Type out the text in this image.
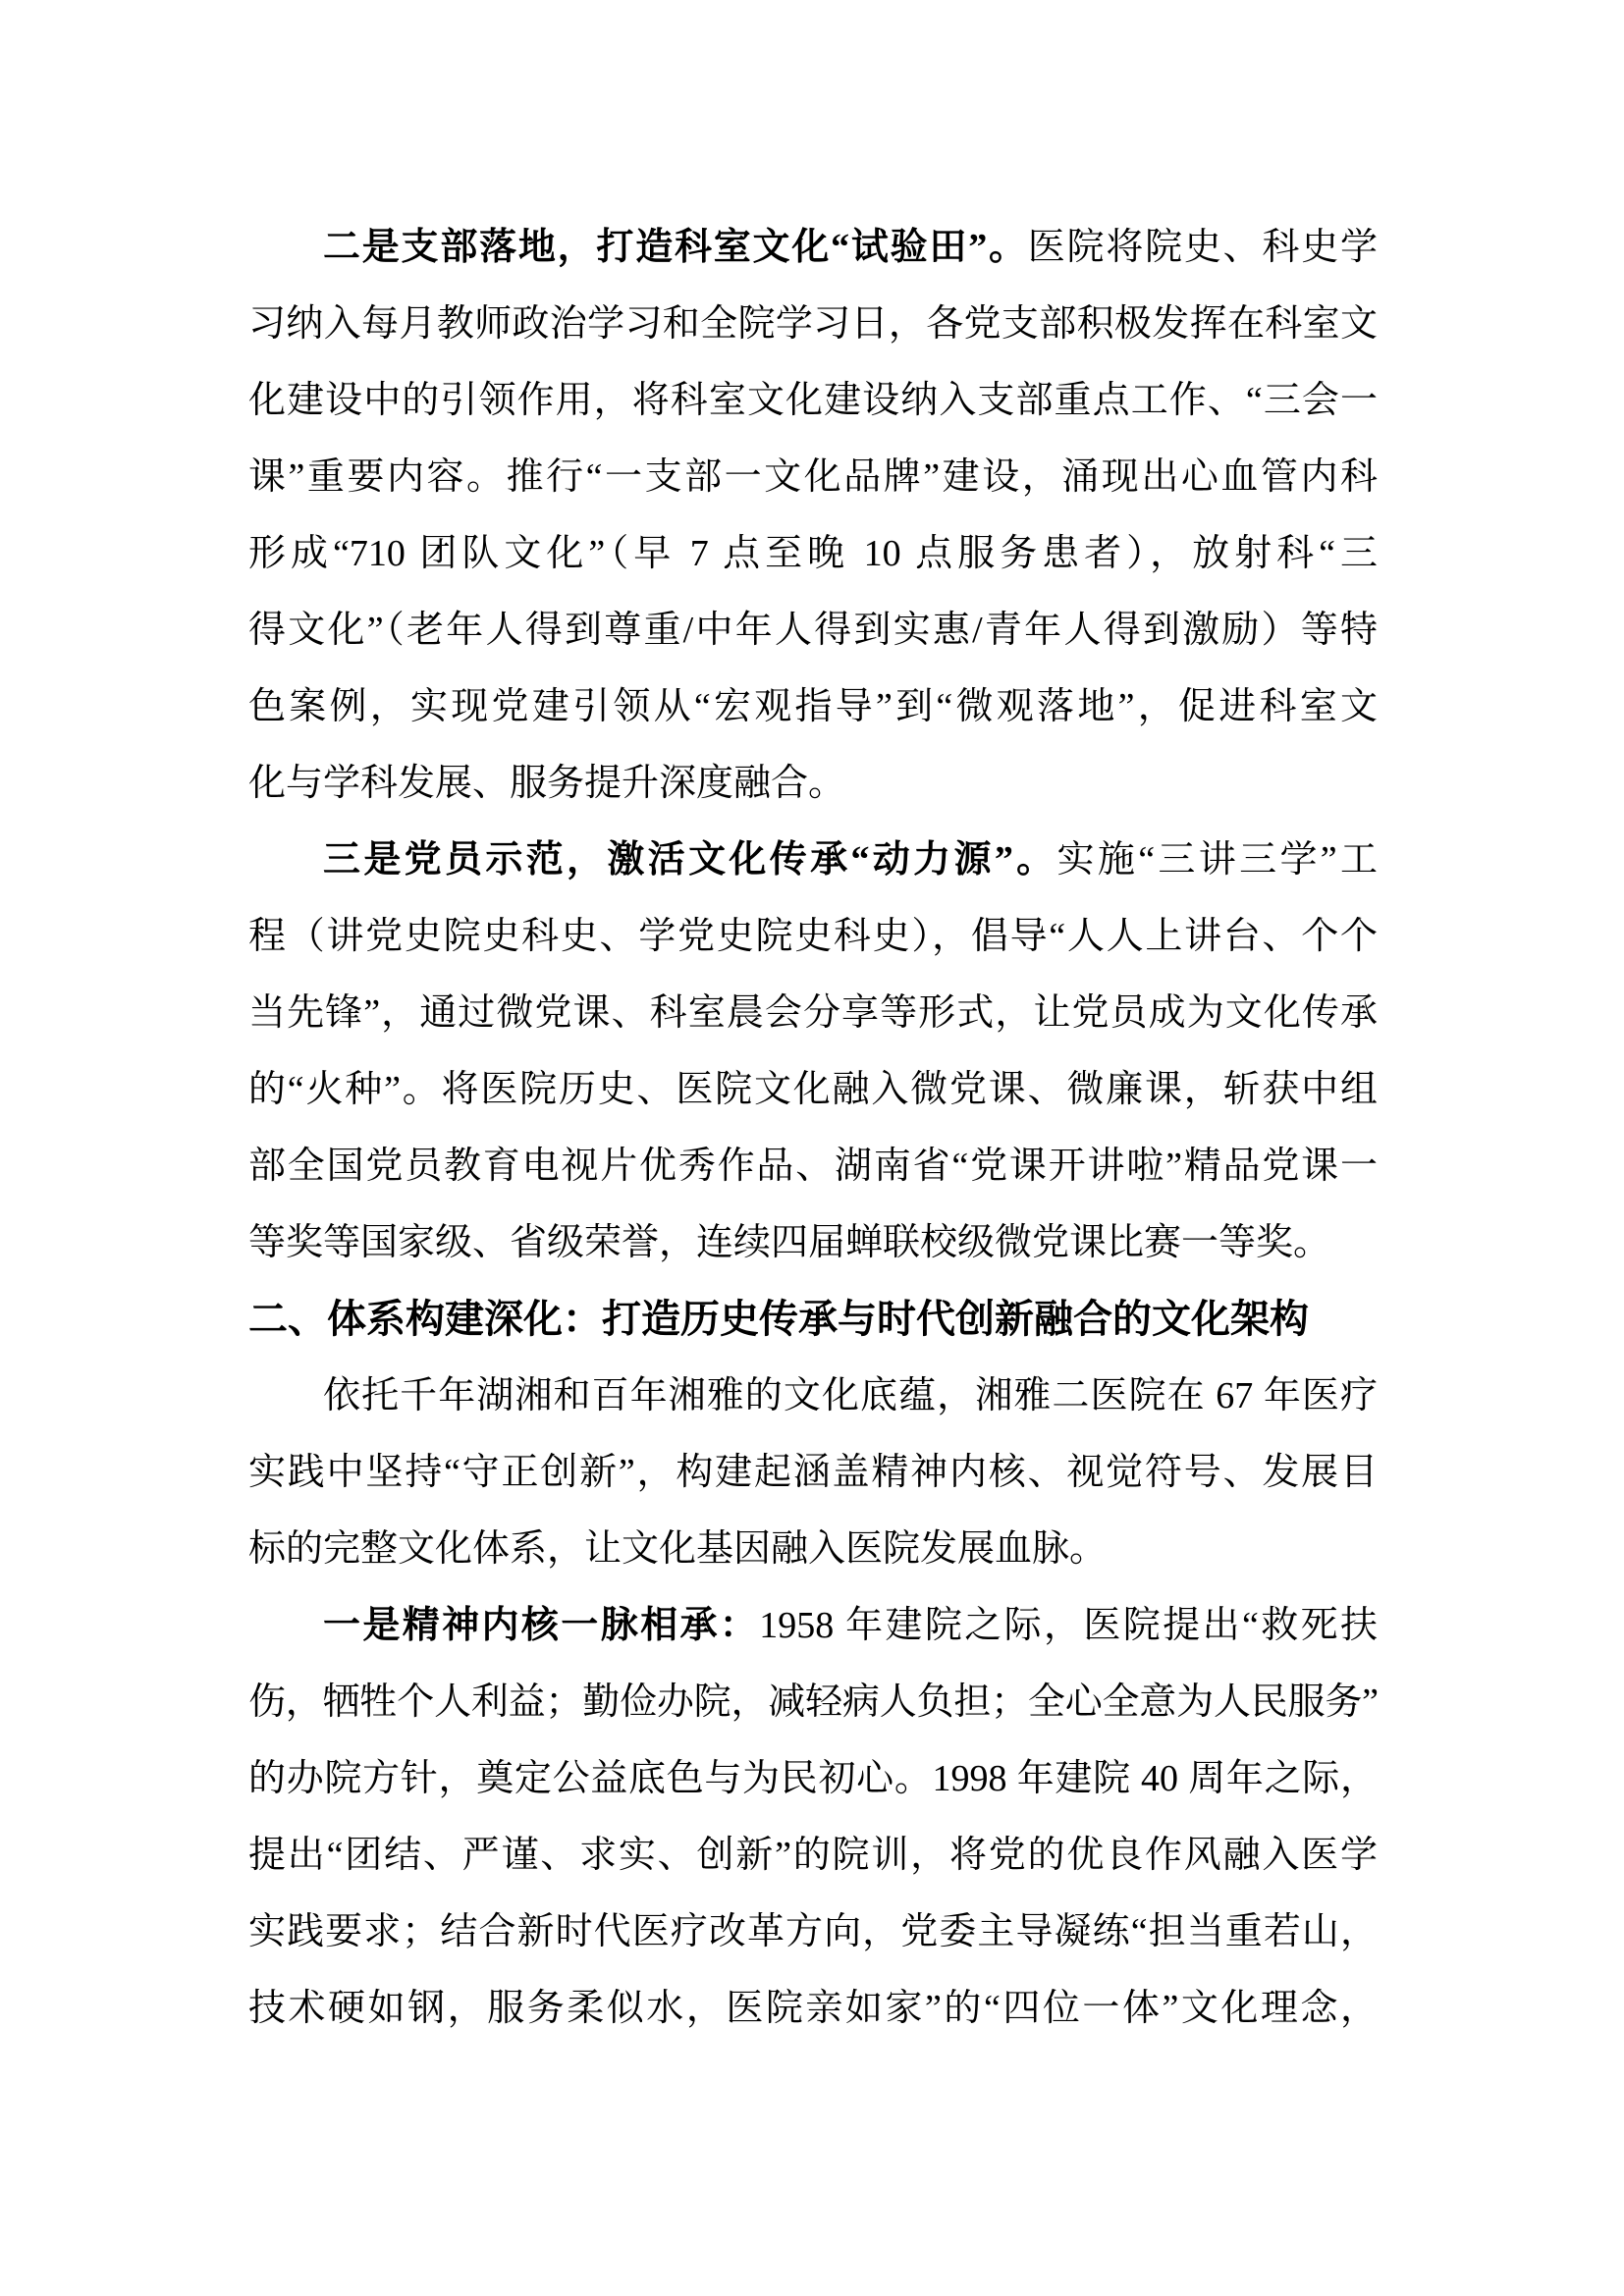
二是支部落地，打造科室文化“试验田”。医院将院史、科史学
习纳入每月教师政治学习和全院学习日，各党支部积极发挥在科室文
化建设中的引领作用，将科室文化建设纳入支部重点工作、“三会一
课”重要内容。推行“一支部一文化品牌”建设，涌现出心血管内科
形成“710 团队文化”（早 7 点至晚 10 点服务患者），放射科“三
得文化”（老年人得到尊重/中年人得到实惠/青年人得到激励）等特
色案例，实现党建引领从“宏观指导”到“微观落地”，促进科室文
化与学科发展、服务提升深度融合。
三是党员示范，激活文化传承“动力源”。实施“三讲三学”工
程（讲党史院史科史、学党史院史科史），倡导“人人上讲台、个个
当先锋”，通过微党课、科室晨会分享等形式，让党员成为文化传承
的“火种”。将医院历史、医院文化融入微党课、微廉课，斩获中组
部全国党员教育电视片优秀作品、湖南省“党课开讲啦”精品党课一
等奖等国家级、省级荣誉，连续四届蝉联校级微党课比赛一等奖。
二、体系构建深化：打造历史传承与时代创新融合的文化架构
依托千年湖湘和百年湘雅的文化底蕴，湘雅二医院在 67 年医疗
实践中坚持“守正创新”，构建起涵盖精神内核、视觉符号、发展目
标的完整文化体系，让文化基因融入医院发展血脉。
一是精神内核一脉相承：1958 年建院之际，医院提出“救死扶
伤，牺牲个人利益；勤俭办院，减轻病人负担；全心全意为人民服务”
的办院方针，奠定公益底色与为民初心。1998 年建院 40 周年之际，
提出“团结、严谨、求实、创新”的院训，将党的优良作风融入医学
实践要求；结合新时代医疗改革方向，党委主导凝练“担当重若山，
技术硬如钢，服务柔似水，医院亲如家”的“四位一体”文化理念，
